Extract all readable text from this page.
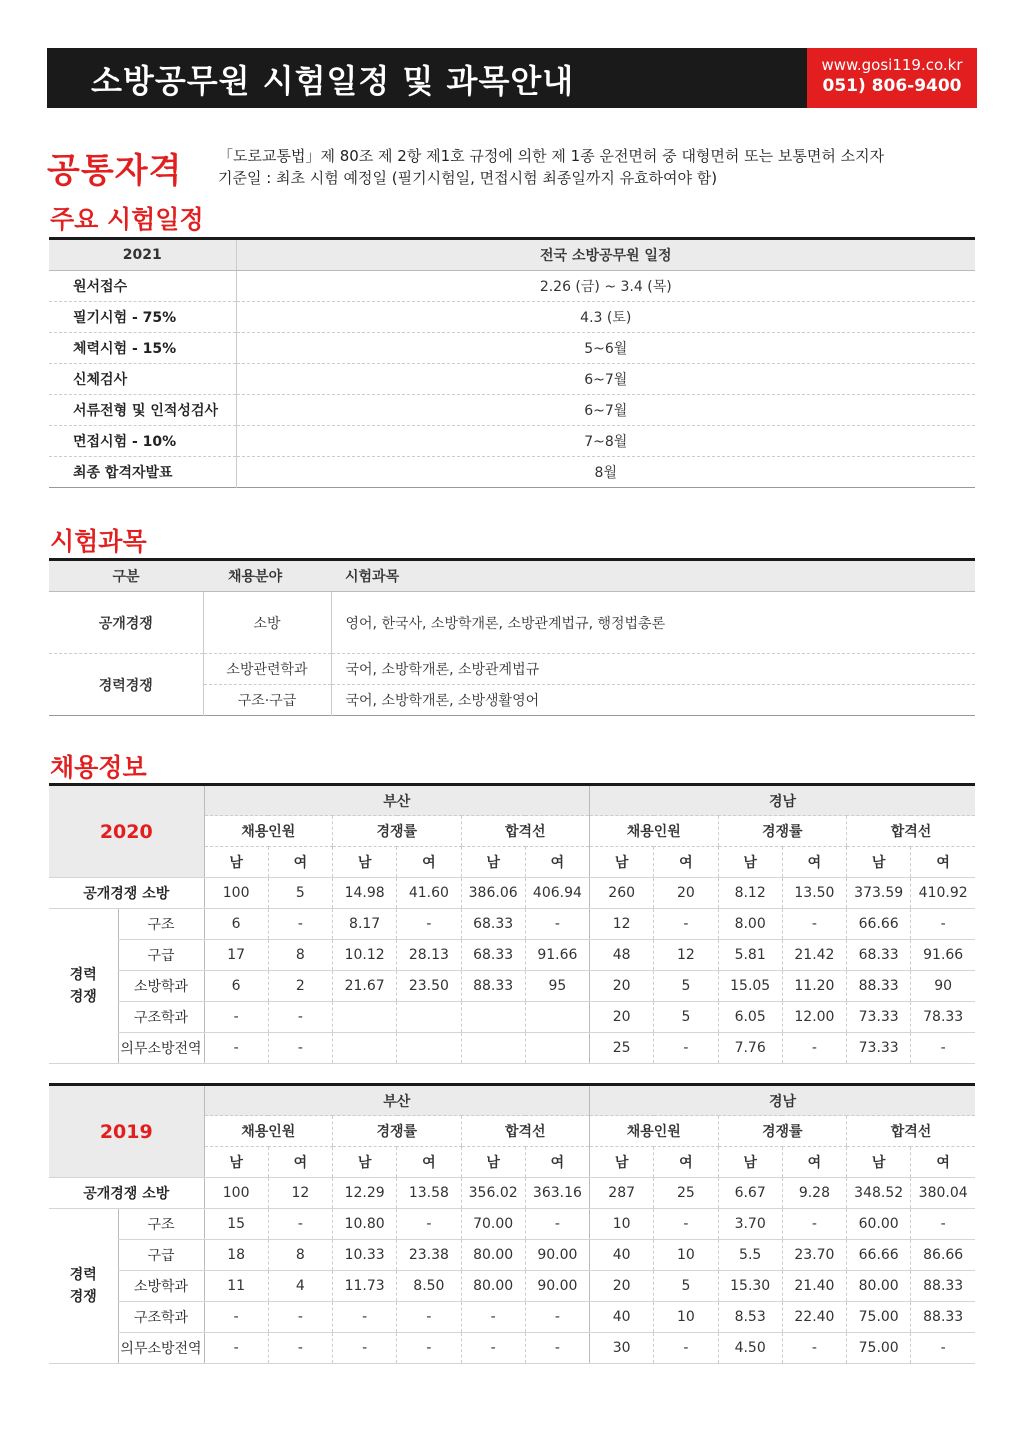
소방공무원 시험일정 및 과목안내	www.gosi119.co.kr
051) 806-9400
공통자격 「도로교통법」제 80조 제 2항 제1호 규정에 의한 제 1종 운전면허 중 대형면허 또는 보통면허 소지자
기준일 : 최초 시험 예정일 (필기시험일, 면접시험 최종일까지 유효하여야 함)
주요 시험일정
2021	전국 소방공무원 일정
원서접수	2.26 (금) ~ 3.4 (목)
필기시험 - 75%	4.3 (토)
체력시험 - 15%	5~6월
신체검사	6~7월
서류전형 및 인적성검사	6~7월
면접시험 - 10%	7~8월
최종 합격자발표	8월
시험과목
구분	채용분야	시험과목
공개경쟁	소방	영어, 한국사, 소방학개론, 소방관계법규, 행정법총론
경력경쟁	소방관련학과	국어, 소방학개론, 소방관계법규
	구조·구급	국어, 소방학개론, 소방생활영어
채용정보
2020		부산						경남					
		채용인원		경쟁률		합격선		채용인원		경쟁률		합격선	
		남	여	남	여	남	여	남	여	남	여	남	여
공개경쟁 소방		100	5	14.98	41.60	386.06	406.94	260	20	8.12	13.50	373.59	410.92

경력
경쟁	구조	6	-	8.17	-	68.33	-	12	-	8.00	-	66.66	-
	구급	17	8	10.12	28.13	68.33	91.66	48	12	5.81	21.42	68.33	91.66
	소방학과	6	2	21.67	23.50	88.33	95	20	5	15.05	11.20	88.33	90
	구조학과	-	-					20	5	6.05	12.00	73.33	78.33
	의무소방전역	-	-					25	-	7.76	-	73.33	-
2019		부산						경남					
		채용인원		경쟁률		합격선		채용인원		경쟁률		합격선	
		남	여	남	여	남	여	남	여	남	여	남	여
공개경쟁 소방		100	12	12.29	13.58	356.02	363.16	287	25	6.67	9.28	348.52	380.04

경력
경쟁	구조	15	-	10.80	-	70.00	-	10	-	3.70	-	60.00	-
	구급	18	8	10.33	23.38	80.00	90.00	40	10	5.5	23.70	66.66	86.66
	소방학과	11	4	11.73	8.50	80.00	90.00	20	5	15.30	21.40	80.00	88.33
	구조학과	-	-	-	-	-	-	40	10	8.53	22.40	75.00	88.33
	의무소방전역	-	-	-	-	-	-	30	-	4.50	-	75.00	-
